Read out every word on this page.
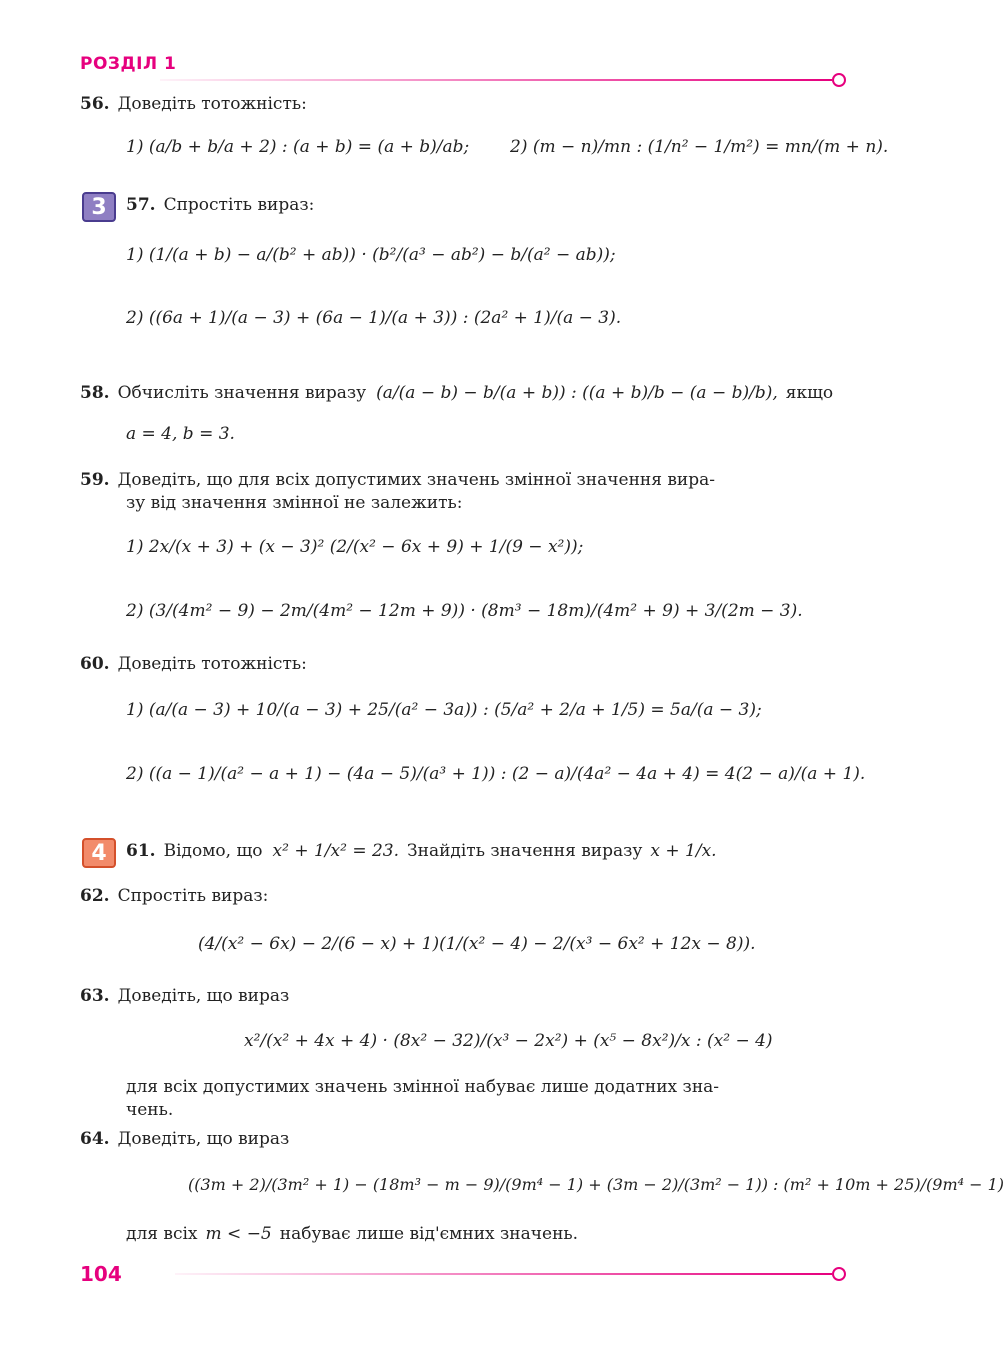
РОЗДІЛ 1
56. Доведіть тотожність:
1) (a/b + b/a + 2) : (a + b) = (a + b)/ab; 2) (m − n)/mn : (1/n² − 1/m²) = mn/(m + n).
3	57. Спростіть вираз:
1) (1/(a + b) − a/(b² + ab)) · (b²/(a³ − ab²) − b/(a² − ab));
2) ((6a + 1)/(a − 3) + (6a − 1)/(a + 3)) : (2a² + 1)/(a − 3).
58. Обчисліть значення виразу (a/(a − b) − b/(a + b)) : ((a + b)/b − (a − b)/b), якщо
a = 4, b = 3.
59. Доведіть, що для всіх допустимих значень змінної значення вира-
зу від значення змінної не залежить:
1) 2x/(x + 3) + (x − 3)² (2/(x² − 6x + 9) + 1/(9 − x²));
2) (3/(4m² − 9) − 2m/(4m² − 12m + 9)) · (8m³ − 18m)/(4m² + 9) + 3/(2m − 3).
60. Доведіть тотожність:
1) (a/(a − 3) + 10/(a − 3) + 25/(a² − 3a)) : (5/a² + 2/a + 1/5) = 5a/(a − 3);
2) ((a − 1)/(a² − a + 1) − (4a − 5)/(a³ + 1)) : (2 − a)/(4a² − 4a + 4) = 4(2 − a)/(a + 1).
4	61. Відомо, що x² + 1/x² = 23. Знайдіть значення виразу x + 1/x.
62. Спростіть вираз:
(4/(x² − 6x) − 2/(6 − x) + 1)(1/(x² − 4) − 2/(x³ − 6x² + 12x − 8)).
63. Доведіть, що вираз
x²/(x² + 4x + 4) · (8x² − 32)/(x³ − 2x²) + (x⁵ − 8x²)/x : (x² − 4)
для всіх допустимих значень змінної набуває лише додатних зна-
чень.
64. Доведіть, що вираз
((3m + 2)/(3m² + 1) − (18m³ − m − 9)/(9m⁴ − 1) + (3m − 2)/(3m² − 1)) : (m² + 10m + 25)/(9m⁴ − 1)
для всіх m < −5 набуває лише від'ємних значень.
104
